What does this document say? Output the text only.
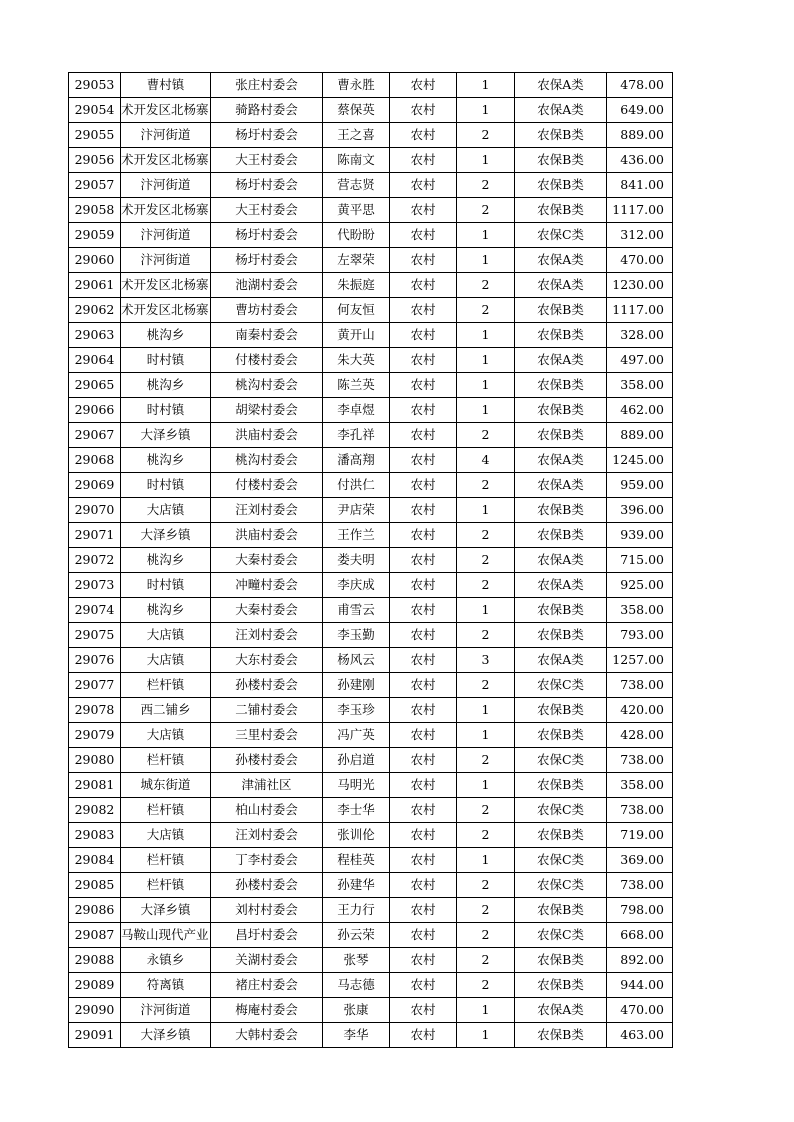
29053	曹村镇	张庄村委会	曹永胜	农村	1	农保A类	478.00
29054	术开发区北杨寨	骑路村委会	蔡保英	农村	1	农保A类	649.00
29055	汴河街道	杨圩村委会	王之喜	农村	2	农保B类	889.00
29056	术开发区北杨寨	大王村委会	陈南文	农村	1	农保B类	436.00
29057	汴河街道	杨圩村委会	营志贤	农村	2	农保B类	841.00
29058	术开发区北杨寨	大王村委会	黄平思	农村	2	农保B类	1117.00
29059	汴河街道	杨圩村委会	代盼盼	农村	1	农保C类	312.00
29060	汴河街道	杨圩村委会	左翠荣	农村	1	农保A类	470.00
29061	术开发区北杨寨	池湖村委会	朱振庭	农村	2	农保A类	1230.00
29062	术开发区北杨寨	曹坊村委会	何友恒	农村	2	农保B类	1117.00
29063	桃沟乡	南秦村委会	黄开山	农村	1	农保B类	328.00
29064	时村镇	付楼村委会	朱大英	农村	1	农保A类	497.00
29065	桃沟乡	桃沟村委会	陈兰英	农村	1	农保B类	358.00
29066	时村镇	胡梁村委会	李卓煜	农村	1	农保B类	462.00
29067	大泽乡镇	洪庙村委会	李孔祥	农村	2	农保B类	889.00
29068	桃沟乡	桃沟村委会	潘高翔	农村	4	农保A类	1245.00
29069	时村镇	付楼村委会	付洪仁	农村	2	农保A类	959.00
29070	大店镇	汪刘村委会	尹店荣	农村	1	农保B类	396.00
29071	大泽乡镇	洪庙村委会	王作兰	农村	2	农保B类	939.00
29072	桃沟乡	大秦村委会	娄夫明	农村	2	农保A类	715.00
29073	时村镇	冲疃村委会	李庆成	农村	2	农保A类	925.00
29074	桃沟乡	大秦村委会	甫雪云	农村	1	农保B类	358.00
29075	大店镇	汪刘村委会	李玉勤	农村	2	农保B类	793.00
29076	大店镇	大东村委会	杨风云	农村	3	农保A类	1257.00
29077	栏杆镇	孙楼村委会	孙建刚	农村	2	农保C类	738.00
29078	西二铺乡	二铺村委会	李玉珍	农村	1	农保B类	420.00
29079	大店镇	三里村委会	冯广英	农村	1	农保B类	428.00
29080	栏杆镇	孙楼村委会	孙启道	农村	2	农保C类	738.00
29081	城东街道	津浦社区	马明光	农村	1	农保B类	358.00
29082	栏杆镇	柏山村委会	李士华	农村	2	农保C类	738.00
29083	大店镇	汪刘村委会	张训伦	农村	2	农保B类	719.00
29084	栏杆镇	丁李村委会	程桂英	农村	1	农保C类	369.00
29085	栏杆镇	孙楼村委会	孙建华	农村	2	农保C类	738.00
29086	大泽乡镇	刘村村委会	王力行	农村	2	农保B类	798.00
29087	马鞍山现代产业	昌圩村委会	孙云荣	农村	2	农保C类	668.00
29088	永镇乡	关湖村委会	张琴	农村	2	农保B类	892.00
29089	符离镇	褚庄村委会	马志德	农村	2	农保B类	944.00
29090	汴河街道	梅庵村委会	张康	农村	1	农保A类	470.00
29091	大泽乡镇	大韩村委会	李华	农村	1	农保B类	463.00
